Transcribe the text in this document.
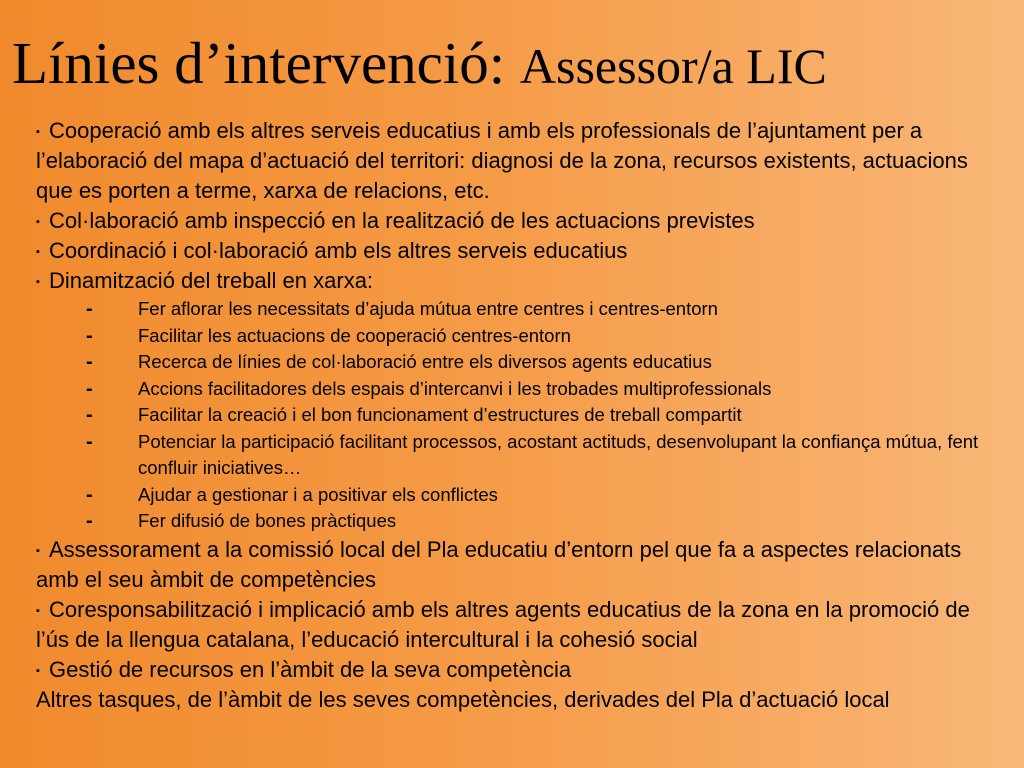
Línies d’intervenció: Assessor/a LIC

▪ Cooperació amb els altres serveis educatius i amb els professionals de l’ajuntament per a l’elaboració del mapa d’actuació del territori: diagnosi de la zona, recursos existents, actuacions que es porten a terme, xarxa de relacions, etc.

▪ Col·laboració amb inspecció en la realització de les actuacions previstes

▪ Coordinació i col·laboració amb els altres serveis educatius

▪ Dinamització del treball en xarxa:

- Fer aflorar les necessitats d’ajuda mútua entre centres i centres-entorn
- Facilitar les actuacions de cooperació centres-entorn
- Recerca de línies de col·laboració entre els diversos agents educatius
- Accions facilitadores dels espais d’intercanvi i les trobades multiprofessionals
- Facilitar la creació i el bon funcionament d’estructures de treball compartit
- Potenciar la participació facilitant processos, acostant actituds, desenvolupant la confiança mútua, fent confluir iniciatives…
- Ajudar a gestionar i a positivar els conflictes
- Fer difusió de bones pràctiques

▪ Assessorament a la comissió local del Pla educatiu d’entorn pel que fa a aspectes relacionats amb el seu àmbit de competències

▪ Coresponsabilització i implicació amb els altres agents educatius de la zona en la promoció de l’ús de la llengua catalana, l’educació intercultural i la cohesió social

▪ Gestió de recursos en l’àmbit de la seva competència

Altres tasques, de l’àmbit de les seves competències, derivades del Pla d’actuació local
